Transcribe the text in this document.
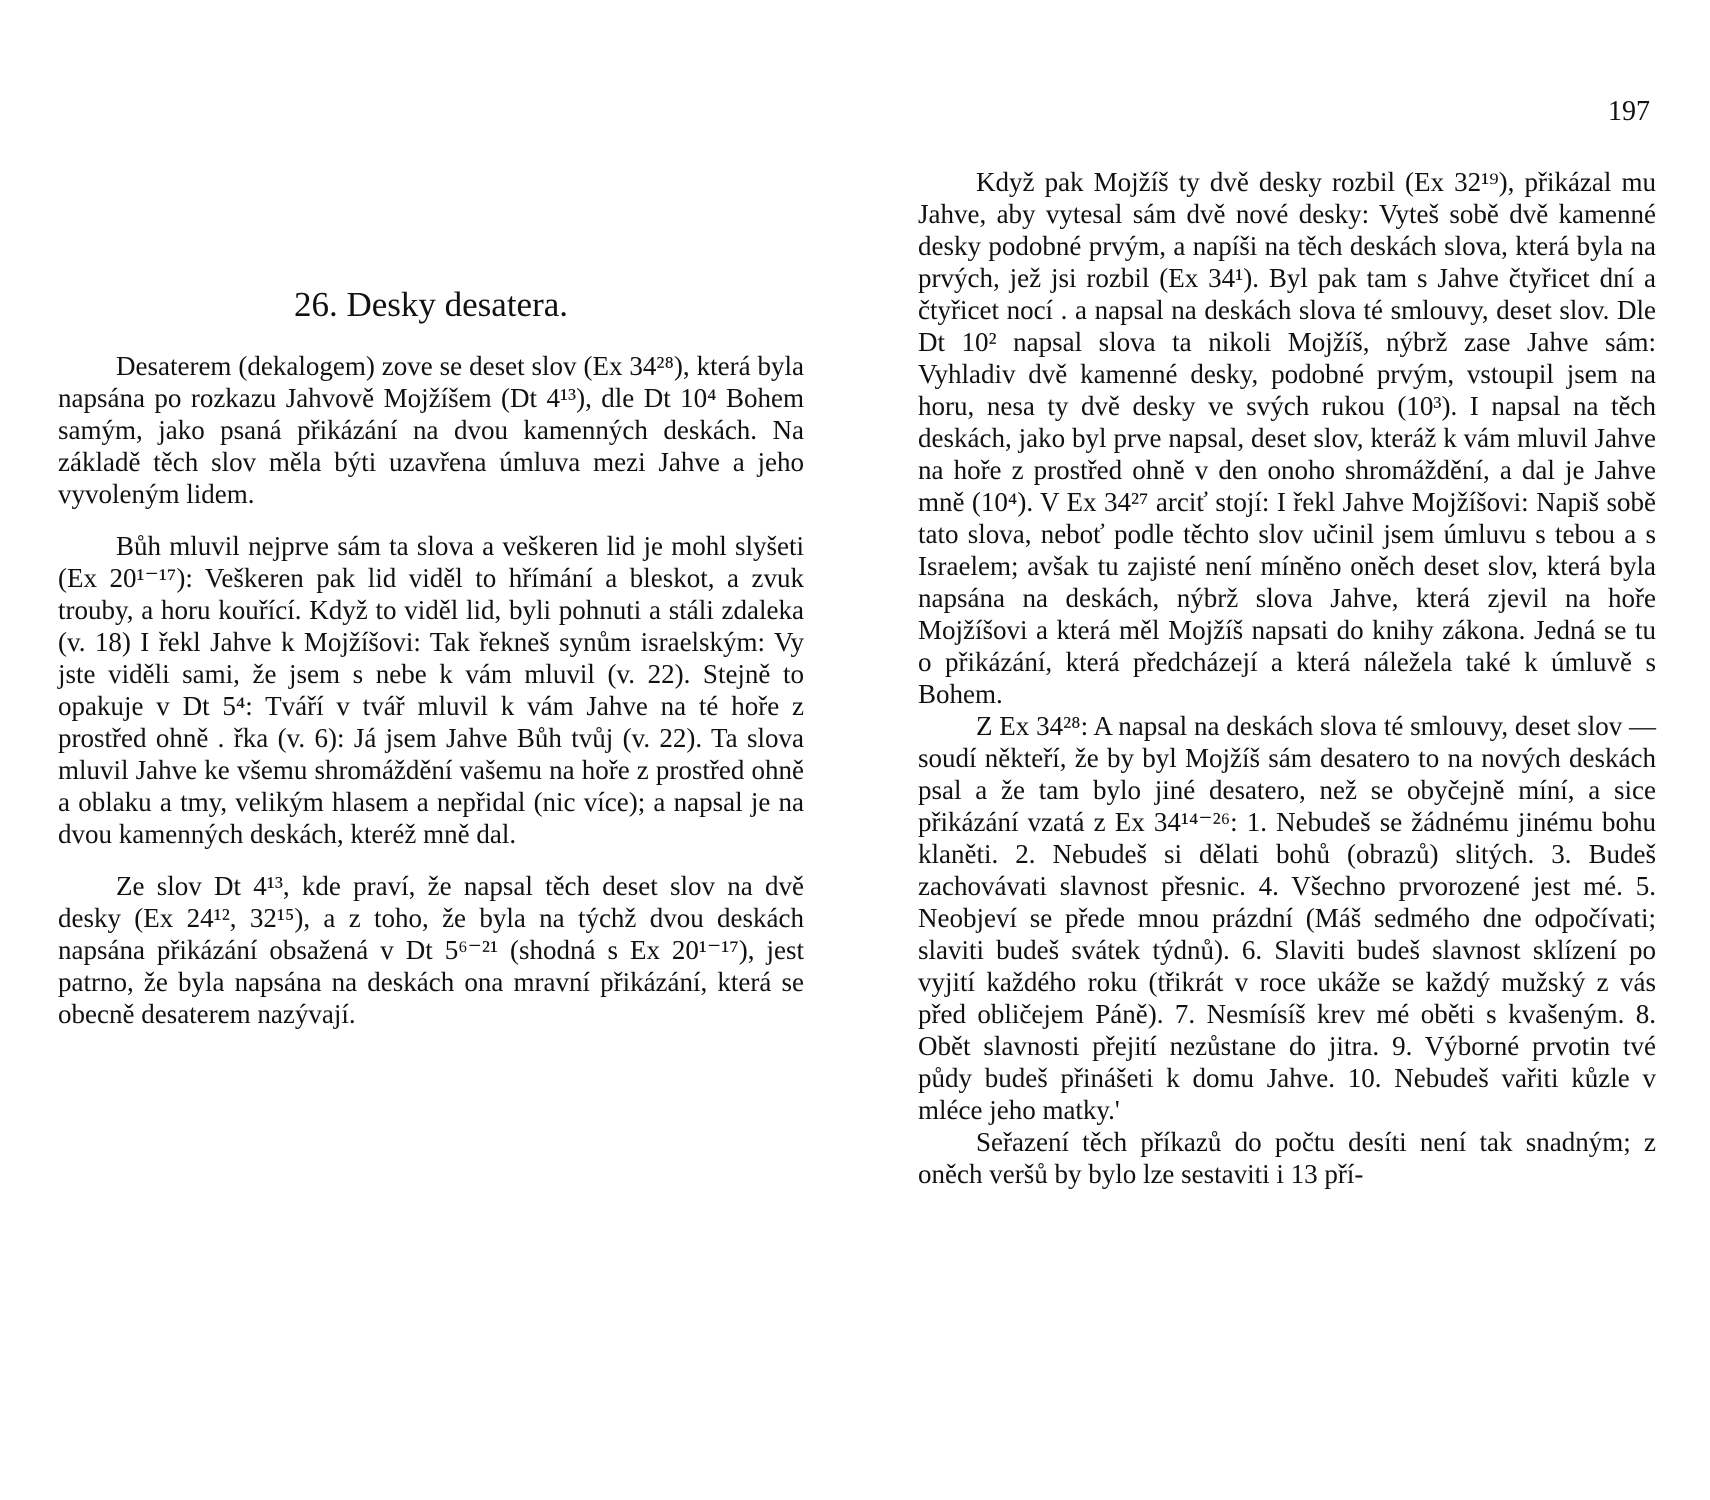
197
26. Desky desatera.

Desaterem (dekalogem) zove se deset slov (Ex 34²⁸), která byla napsána po rozkazu Jahvově Mojžíšem (Dt 4¹³), dle Dt 10⁴ Bohem samým, jako psaná přikázání na dvou kamenných deskách. Na základě těch slov měla býti uzavřena úmluva mezi Jahve a jeho vyvoleným lidem.

Bůh mluvil nejprve sám ta slova a veškeren lid je mohl slyšeti (Ex 20¹⁻¹⁷): Veškeren pak lid viděl to hřímání a bleskot, a zvuk trouby, a horu kouřící. Když to viděl lid, byli pohnuti a stáli zdaleka (v. 18) I řekl Jahve k Mojžíšovi: Tak řekneš synům israelským: Vy jste viděli sami, že jsem s nebe k vám mluvil (v. 22). Stejně to opakuje v Dt 5⁴: Tváří v tvář mluvil k vám Jahve na té hoře z prostřed ohně . řka (v. 6): Já jsem Jahve Bůh tvůj (v. 22). Ta slova mluvil Jahve ke všemu shromáždění vašemu na hoře z prostřed ohně a oblaku a tmy, velikým hlasem a nepřidal (nic více); a napsal je na dvou kamenných deskách, kteréž mně dal.

Ze slov Dt 4¹³, kde praví, že napsal těch deset slov na dvě desky (Ex 24¹², 32¹⁵), a z toho, že byla na týchž dvou deskách napsána přikázání obsažená v Dt 5⁶⁻²¹ (shodná s Ex 20¹⁻¹⁷), jest patrno, že byla napsána na deskách ona mravní přikázání, která se obecně desaterem nazývají.

Když pak Mojžíš ty dvě desky rozbil (Ex 32¹⁹), přikázal mu Jahve, aby vytesal sám dvě nové desky: Vyteš sobě dvě kamenné desky podobné prvým, a napíši na těch deskách slova, která byla na prvých, jež jsi rozbil (Ex 34¹). Byl pak tam s Jahve čtyřicet dní a čtyřicet nocí . a napsal na deskách slova té smlouvy, deset slov. Dle Dt 10² napsal slova ta nikoli Mojžíš, nýbrž zase Jahve sám: Vyhladiv dvě kamenné desky, podobné prvým, vstoupil jsem na horu, nesa ty dvě desky ve svých rukou (10³). I napsal na těch deskách, jako byl prve napsal, deset slov, kteráž k vám mluvil Jahve na hoře z prostřed ohně v den onoho shromáždění, a dal je Jahve mně (10⁴). V Ex 34²⁷ arciť stojí: I řekl Jahve Mojžíšovi: Napiš sobě tato slova, neboť podle těchto slov učinil jsem úmluvu s tebou a s Israelem; avšak tu zajisté není míněno oněch deset slov, která byla napsána na deskách, nýbrž slova Jahve, která zjevil na hoře Mojžíšovi a která měl Mojžíš napsati do knihy zákona. Jedná se tu o přikázání, která předcházejí a která náležela také k úmluvě s Bohem.

Z Ex 34²⁸: A napsal na deskách slova té smlouvy, deset slov — soudí někteří, že by byl Mojžíš sám desatero to na nových deskách psal a že tam bylo jiné desatero, než se obyčejně míní, a sice přikázání vzatá z Ex 34¹⁴⁻²⁶: 1. Nebudeš se žádnému jinému bohu klaněti. 2. Nebudeš si dělati bohů (obrazů) slitých. 3. Budeš zachovávati slavnost přesnic. 4. Všechno prvorozené jest mé. 5. Neobjeví se přede mnou prázdní (Máš sedmého dne odpočívati; slaviti budeš svátek týdnů). 6. Slaviti budeš slavnost sklízení po vyjití každého roku (třikrát v roce ukáže se každý mužský z vás před obličejem Páně). 7. Nesmísíš krev mé oběti s kvašeným. 8. Obět slavnosti přejití nezůstane do jitra. 9. Výborné prvotin tvé půdy budeš přinášeti k domu Jahve. 10. Nebudeš vařiti kůzle v mléce jeho matky.'

Seřazení těch příkazů do počtu desíti není tak snadným; z oněch veršů by bylo lze sestaviti i 13 pří-
